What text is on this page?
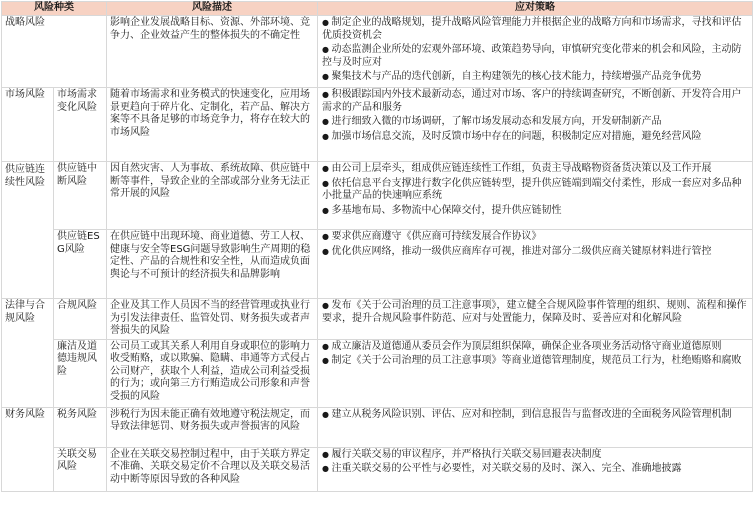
风险种类		风险描述	应对策略
战略风险		影响企业发展战略目标、资源、外部环境、竞争力、企业效益产生的整体损失的不确定性	● 制定企业的战略规划，提升战略风险管理能力并根据企业的战略方向和市场需求，寻找和评估优质投资机会

● 动态监测企业所处的宏观外部环境、政策趋势导向，审慎研究变化带来的机会和风险，主动防控与及时应对

● 聚集技术与产品的迭代创新，自主构建领先的核心技术能力，持续增强产品竞争优势

市场风险	市场需求变化风险	随着市场需求和业务模式的快速变化，应用场景更趋向于碎片化、定制化，若产品、解决方案等不具备足够的市场竞争力，将存在较大的市场风险	● 积极跟踪国内外技术最新动态，通过对市场、客户的持续调查研究，不断创新、开发符合用户需求的产品和服务

● 进行细致入微的市场调研，了解市场发展动态和发展方向，开发研制新产品

● 加强市场信息交流，及时反馈市场中存在的问题，积极制定应对措施，避免经营风险

供应链连续性风险	供应链中断风险	因自然灾害、人为事故、系统故障、供应链中断等事件，导致企业的全部或部分业务无法正常开展的风险	● 由公司上层牵头，组成供应链连续性工作组，负责主导战略物资备货决策以及工作开展

● 依托信息平台支撑进行数字化供应链转型，提升供应链端到端交付柔性，形成一套应对多品种小批量产品的快速响应系统

● 多基地布局、多物流中心保障交付，提升供应链韧性

	供应链ESG风险	在供应链中出现环境、商业道德、劳工人权、健康与安全等ESG问题导致影响生产周期的稳定性、产品的合规性和安全性，从而造成负面舆论与不可预计的经济损失和品牌影响	● 要求供应商遵守《供应商可持续发展合作协议》

● 优化供应网络，推动一级供应商库存可视，推进对部分二级供应商关键原材料进行管控

法律与合规风险	合规风险	企业及其工作人员因不当的经营管理或执业行为引发法律责任、监管处罚、财务损失或者声誉损失的风险	● 发布《关于公司治理的员工注意事项》，建立健全合规风险事件管理的组织、规则、流程和操作要求，提升合规风险事件防范、应对与处置能力，保障及时、妥善应对和化解风险

	廉洁及道德违规风险	公司员工或其关系人利用自身或职位的影响力收受贿赂，或以欺骗、隐瞒、串通等方式侵占公司财产，获取个人利益，造成公司利益受损的行为；或向第三方行贿造成公司形象和声誉受损的风险	● 成立廉洁及道德通从委员会作为顶层组织保障，确保企业各项业务活动恪守商业道德原则

● 制定《关于公司治理的员工注意事项》等商业道德管理制度，规范员工行为，杜绝贿赂和腐败

财务风险	税务风险	涉税行为因未能正确有效地遵守税法规定，而导致法律惩罚、财务损失或声誉损害的风险	● 建立从税务风险识别、评估、应对和控制，到信息报告与监督改进的全面税务风险管理机制

	关联交易风险	企业在关联交易控制过程中，由于关联方界定不准确、关联交易定价不合理以及关联交易活动中断等原因导致的各种风险	● 履行关联交易的审议程序，并严格执行关联交易回避表决制度

● 注重关联交易的公平性与必要性，对关联交易的及时、深入、完全、准确地披露
